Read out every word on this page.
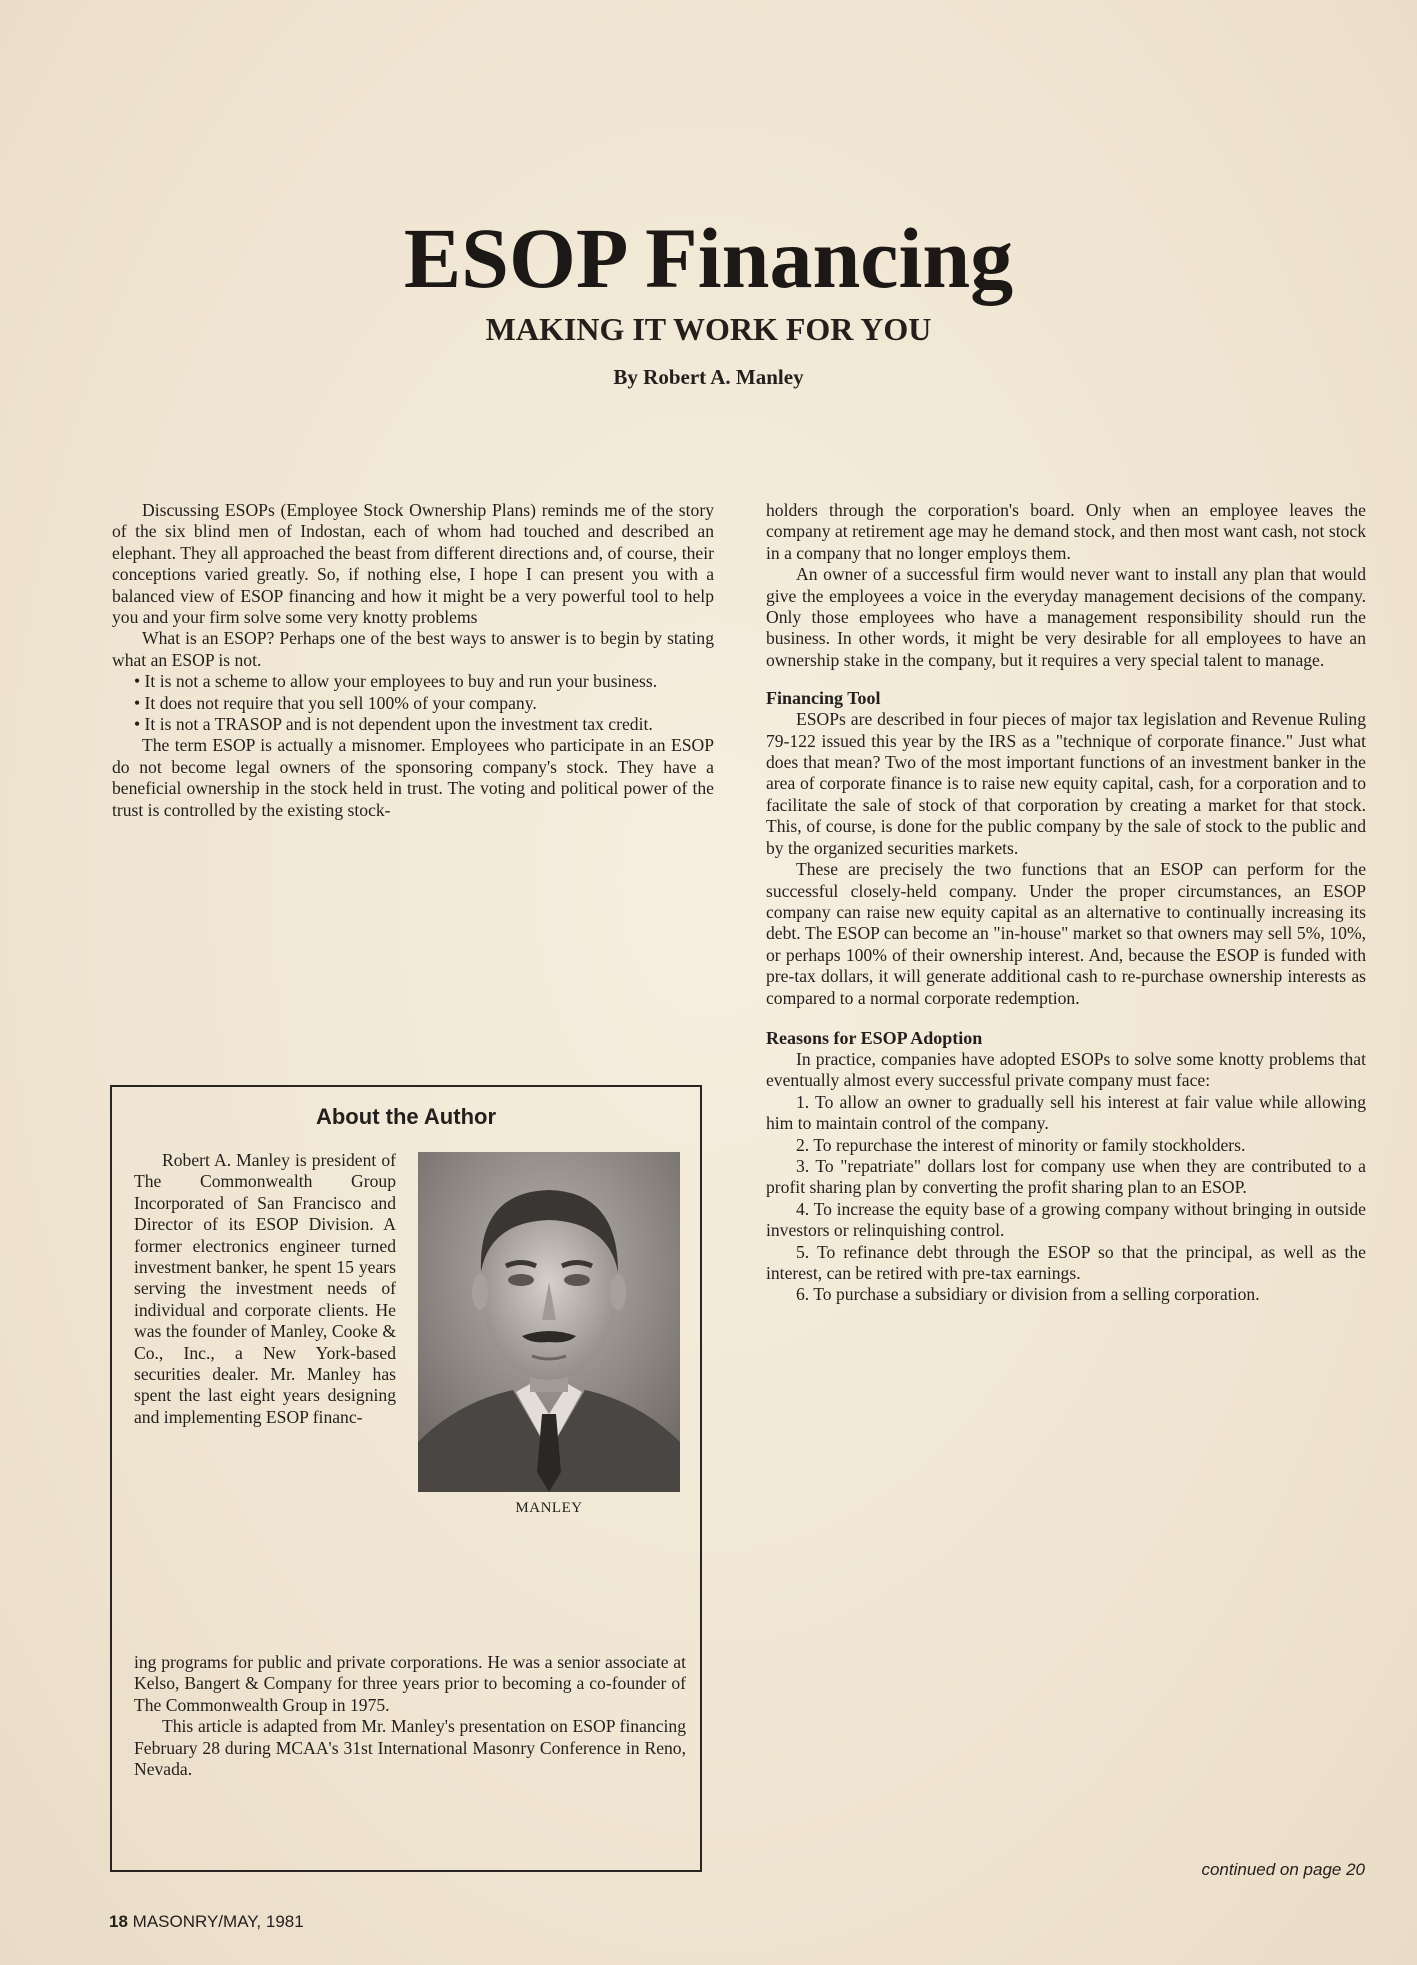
ESOP Financing
MAKING IT WORK FOR YOU
By Robert A. Manley

Discussing ESOPs (Employee Stock Ownership Plans) reminds me of the story of the six blind men of Indostan, each of whom had touched and described an elephant. They all approached the beast from different directions and, of course, their conceptions varied greatly. So, if nothing else, I hope I can present you with a balanced view of ESOP financing and how it might be a very powerful tool to help you and your firm solve some very knotty problems

What is an ESOP? Perhaps one of the best ways to answer is to begin by stating what an ESOP is not.

• It is not a scheme to allow your employees to buy and run your business.

• It does not require that you sell 100% of your company.

• It is not a TRASOP and is not dependent upon the investment tax credit.

The term ESOP is actually a misnomer. Employees who participate in an ESOP do not become legal owners of the sponsoring company's stock. They have a beneficial ownership in the stock held in trust. The voting and political power of the trust is controlled by the existing stock-

About the Author

Robert A. Manley is president of The Commonwealth Group Incorporated of San Francisco and Director of its ESOP Division. A former electronics engineer turned investment banker, he spent 15 years serving the investment needs of individual and corporate clients. He was the founder of Manley, Cooke & Co., Inc., a New York-based securities dealer. Mr. Manley has spent the last eight years designing and implementing ESOP financ-

MANLEY

ing programs for public and private corporations. He was a senior associate at Kelso, Bangert & Company for three years prior to becoming a co-founder of The Commonwealth Group in 1975.

This article is adapted from Mr. Manley's presentation on ESOP financing February 28 during MCAA's 31st International Masonry Conference in Reno, Nevada.

holders through the corporation's board. Only when an employee leaves the company at retirement age may he demand stock, and then most want cash, not stock in a company that no longer employs them.

An owner of a successful firm would never want to install any plan that would give the employees a voice in the everyday management decisions of the company. Only those employees who have a management responsibility should run the business. In other words, it might be very desirable for all employees to have an ownership stake in the company, but it requires a very special talent to manage.

Financing Tool

ESOPs are described in four pieces of major tax legislation and Revenue Ruling 79-122 issued this year by the IRS as a "technique of corporate finance." Just what does that mean? Two of the most important functions of an investment banker in the area of corporate finance is to raise new equity capital, cash, for a corporation and to facilitate the sale of stock of that corporation by creating a market for that stock. This, of course, is done for the public company by the sale of stock to the public and by the organized securities markets.

These are precisely the two functions that an ESOP can perform for the successful closely-held company. Under the proper circumstances, an ESOP company can raise new equity capital as an alternative to continually increasing its debt. The ESOP can become an "in-house" market so that owners may sell 5%, 10%, or perhaps 100% of their ownership interest. And, because the ESOP is funded with pre-tax dollars, it will generate additional cash to re-purchase ownership interests as compared to a normal corporate redemption.

Reasons for ESOP Adoption

In practice, companies have adopted ESOPs to solve some knotty problems that eventually almost every successful private company must face:

1. To allow an owner to gradually sell his interest at fair value while allowing him to maintain control of the company.

2. To repurchase the interest of minority or family stockholders.

3. To "repatriate" dollars lost for company use when they are contributed to a profit sharing plan by converting the profit sharing plan to an ESOP.

4. To increase the equity base of a growing company without bringing in outside investors or relinquishing control.

5. To refinance debt through the ESOP so that the principal, as well as the interest, can be retired with pre-tax earnings.

6. To purchase a subsidiary or division from a selling corporation.

continued on page 20
18 MASONRY/MAY, 1981
